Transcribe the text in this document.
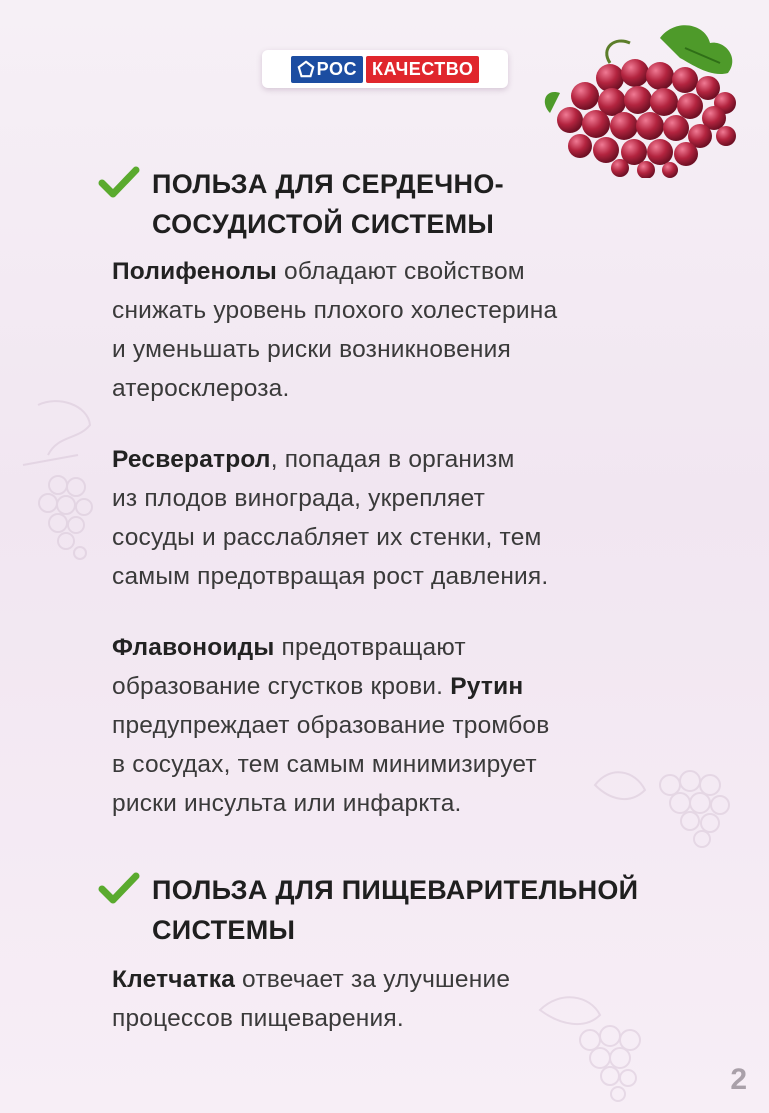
РОС КАЧЕСТВО
ПОЛЬЗА ДЛЯ СЕРДЕЧНО-
СОСУДИСТОЙ СИСТЕМЫ
Полифенолы обладают свойством
снижать уровень плохого холестерина
и уменьшать риски возникновения
атеросклероза.
Ресвератрол, попадая в организм
из плодов винограда, укрепляет
сосуды и расслабляет их стенки, тем
самым предотвращая рост давления.
Флавоноиды предотвращают
образование сгустков крови. Рутин
предупреждает образование тромбов
в сосудах, тем самым минимизирует
риски инсульта или инфаркта.
ПОЛЬЗА ДЛЯ ПИЩЕВАРИТЕЛЬНОЙ
СИСТЕМЫ
Клетчатка отвечает за улучшение
процессов пищеварения.
2
